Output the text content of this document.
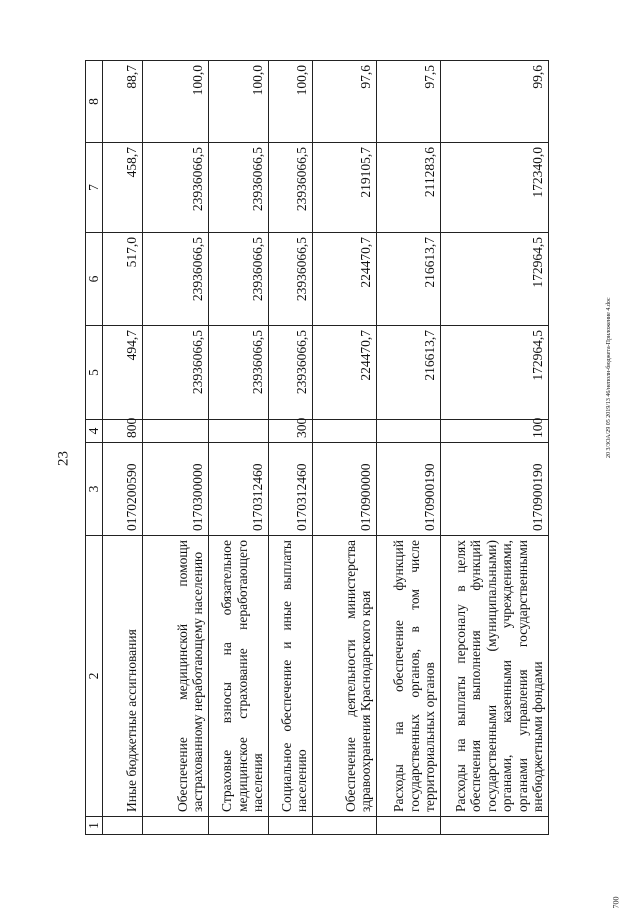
23
20 3/3ОА/29 05 2019/13 46/неполн-бюджета-Приложение 4.doc
700
1	2	3	4	5	6	7	8
	Иные бюджетные ассигнования	0170200590	800	494,7	517,0	458,7	88,7
	Обеспечение медицинской помощи застрахованному неработающему населению	0170300000		23936066,5	23936066,5	23936066,5	100,0
	Страховые взносы на обязательное медицинское страхование неработающего населения	0170312460		23936066,5	23936066,5	23936066,5	100,0
	Социальное обеспечение и иные выплаты населению	0170312460	300	23936066,5	23936066,5	23936066,5	100,0
	Обеспечение деятельности министерства здравоохранения Краснодарского края	0170900000		224470,7	224470,7	219105,7	97,6
	Расходы на обеспечение функций государственных органов, в том числе территориальных органов	0170900190		216613,7	216613,7	211283,6	97,5
	Расходы на выплаты персоналу в целях обеспечения выполнения функций государственными (муниципальными) органами, казенными учреждениями, органами управления государственными внебюджетными фондами	0170900190	100	172964,5	172964,5	172340,0	99,6
